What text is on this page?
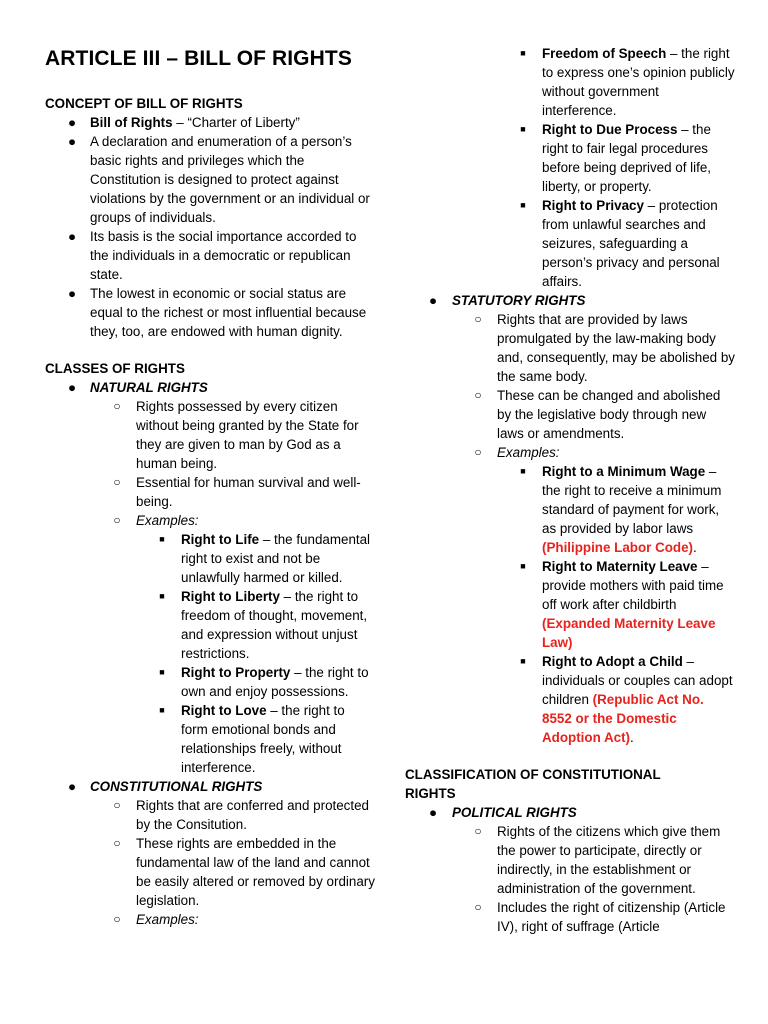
ARTICLE III – BILL OF RIGHTS
CONCEPT OF BILL OF RIGHTS
● Bill of Rights – “Charter of Liberty”
● A declaration and enumeration of a person’s basic rights and privileges which the Constitution is designed to protect against violations by the government or an individual or groups of individuals.
● Its basis is the social importance accorded to the individuals in a democratic or republican state.
● The lowest in economic or social status are equal to the richest or most influential because they, too, are endowed with human dignity.
CLASSES OF RIGHTS
● NATURAL RIGHTS
○ Rights possessed by every citizen without being granted by the State for they are given to man by God as a human being.
○ Essential for human survival and well-being.
○ Examples:
■ Right to Life – the fundamental right to exist and not be unlawfully harmed or killed.
■ Right to Liberty – the right to freedom of thought, movement, and expression without unjust restrictions.
■ Right to Property – the right to own and enjoy possessions.
■ Right to Love – the right to form emotional bonds and relationships freely, without interference.
● CONSTITUTIONAL RIGHTS
○ Rights that are conferred and protected by the Consitution.
○ These rights are embedded in the fundamental law of the land and cannot be easily altered or removed by ordinary legislation.
○ Examples:
■ Freedom of Speech – the right to express one’s opinion publicly without government interference.
■ Right to Due Process – the right to fair legal procedures before being deprived of life, liberty, or property.
■ Right to Privacy – protection from unlawful searches and seizures, safeguarding a person’s privacy and personal affairs.
● STATUTORY RIGHTS
○ Rights that are provided by laws promulgated by the law-making body and, consequently, may be abolished by the same body.
○ These can be changed and abolished by the legislative body through new laws or amendments.
○ Examples:
■ Right to a Minimum Wage – the right to receive a minimum standard of payment for work, as provided by labor laws (Philippine Labor Code).
■ Right to Maternity Leave – provide mothers with paid time off work after childbirth (Expanded Maternity Leave Law)
■ Right to Adopt a Child – individuals or couples can adopt children (Republic Act No. 8552 or the Domestic Adoption Act).
CLASSIFICATION OF CONSTITUTIONAL RIGHTS
● POLITICAL RIGHTS
○ Rights of the citizens which give them the power to participate, directly or indirectly, in the establishment or administration of the government.
○ Includes the right of citizenship (Article IV), right of suffrage (Article
